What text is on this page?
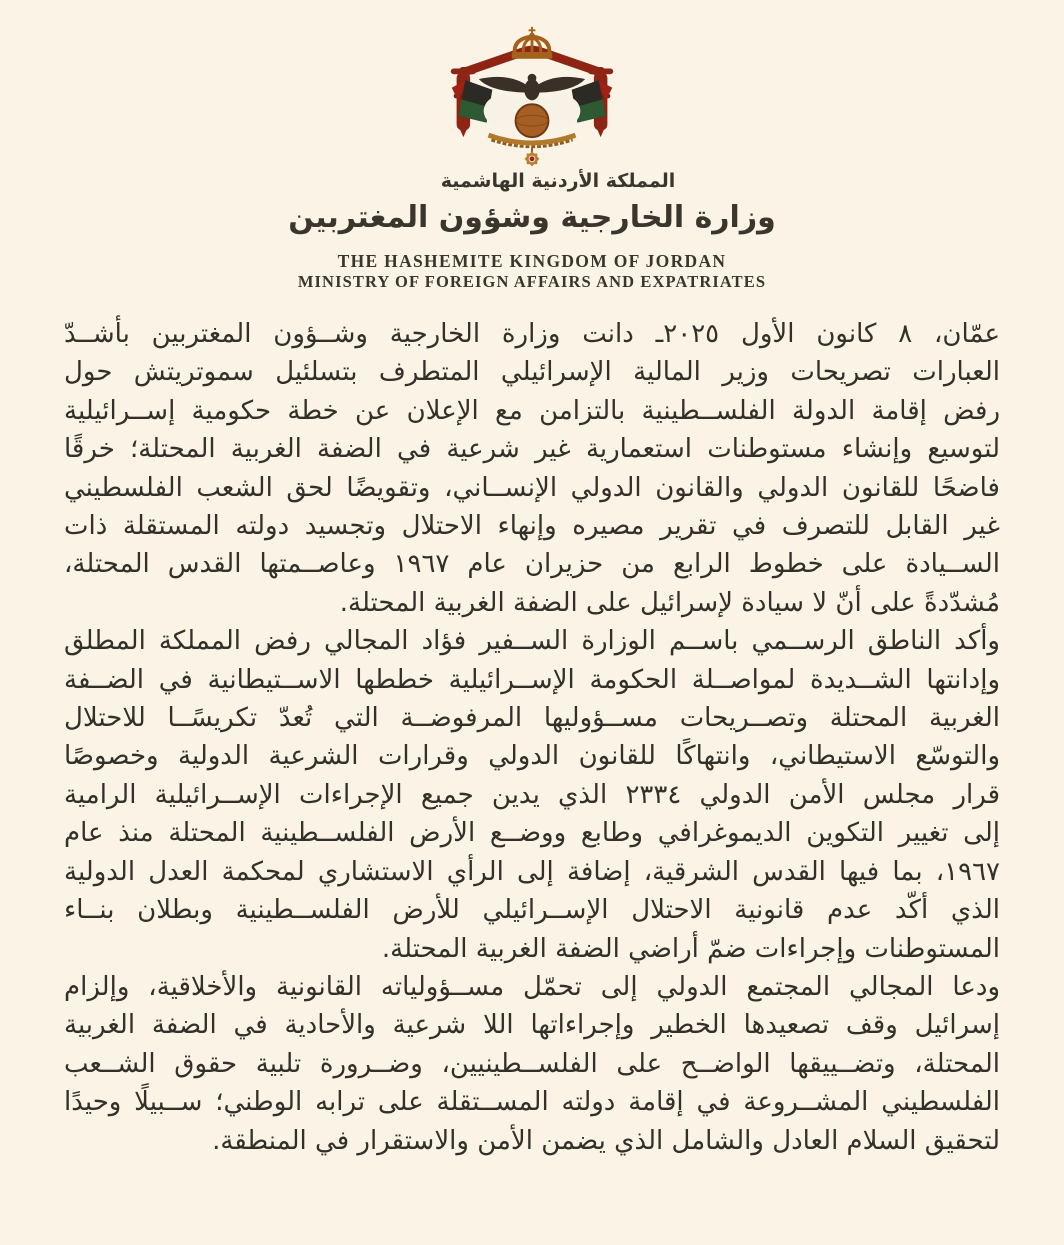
المملكة الأردنية الهاشمية
وزارة الخارجية وشؤون المغتربين
THE HASHEMITE KINGDOM OF JORDAN
MINISTRY OF FOREIGN AFFAIRS AND EXPATRIATES
عمّان، ٨ كانون الأول ٢٠٢٥ـ دانت وزارة الخارجية وشــؤون المغتربين بأشــدّ
العبارات تصريحات وزير المالية الإسرائيلي المتطرف بتسلئيل سموتريتش حول
رفض إقامة الدولة الفلســطينية بالتزامن مع الإعلان عن خطة حكومية إســرائيلية
لتوسيع وإنشاء مستوطنات استعمارية غير شرعية في الضفة الغربية المحتلة؛ خرقًا
فاضحًا للقانون الدولي والقانون الدولي الإنســاني، وتقويضًا لحق الشعب الفلسطيني
غير القابل للتصرف في تقرير مصيره وإنهاء الاحتلال وتجسيد دولته المستقلة ذات
الســيادة على خطوط الرابع من حزيران عام ١٩٦٧ وعاصــمتها القدس المحتلة،
مُشدّدةً على أنّ لا سيادة لإسرائيل على الضفة الغربية المحتلة.
وأكد الناطق الرســمي باســم الوزارة الســفير فؤاد المجالي رفض المملكة المطلق
وإدانتها الشــديدة لمواصــلة الحكومة الإســرائيلية خططها الاســتيطانية في الضــفة
الغربية المحتلة وتصــريحات مســؤوليها المرفوضــة التي تُعدّ تكريسًــا للاحتلال
والتوسّع الاستيطاني، وانتهاكًا للقانون الدولي وقرارات الشرعية الدولية وخصوصًا
قرار مجلس الأمن الدولي ٢٣٣٤ الذي يدين جميع الإجراءات الإســرائيلية الرامية
إلى تغيير التكوين الديموغرافي وطابع ووضــع الأرض الفلســطينية المحتلة منذ عام
١٩٦٧، بما فيها القدس الشرقية، إضافة إلى الرأي الاستشاري لمحكمة العدل الدولية
الذي أكّد عدم قانونية الاحتلال الإســرائيلي للأرض الفلســطينية وبطلان بنــاء
المستوطنات وإجراءات ضمّ أراضي الضفة الغربية المحتلة.
ودعا المجالي المجتمع الدولي إلى تحمّل مســؤولياته القانونية والأخلاقية، وإلزام
إسرائيل وقف تصعيدها الخطير وإجراءاتها اللا شرعية والأحادية في الضفة الغربية
المحتلة، وتضــييقها الواضــح على الفلســطينيين، وضــرورة تلبية حقوق الشــعب
الفلسطيني المشــروعة في إقامة دولته المســتقلة على ترابه الوطني؛ ســبيلًا وحيدًا
لتحقيق السلام العادل والشامل الذي يضمن الأمن والاستقرار في المنطقة.
